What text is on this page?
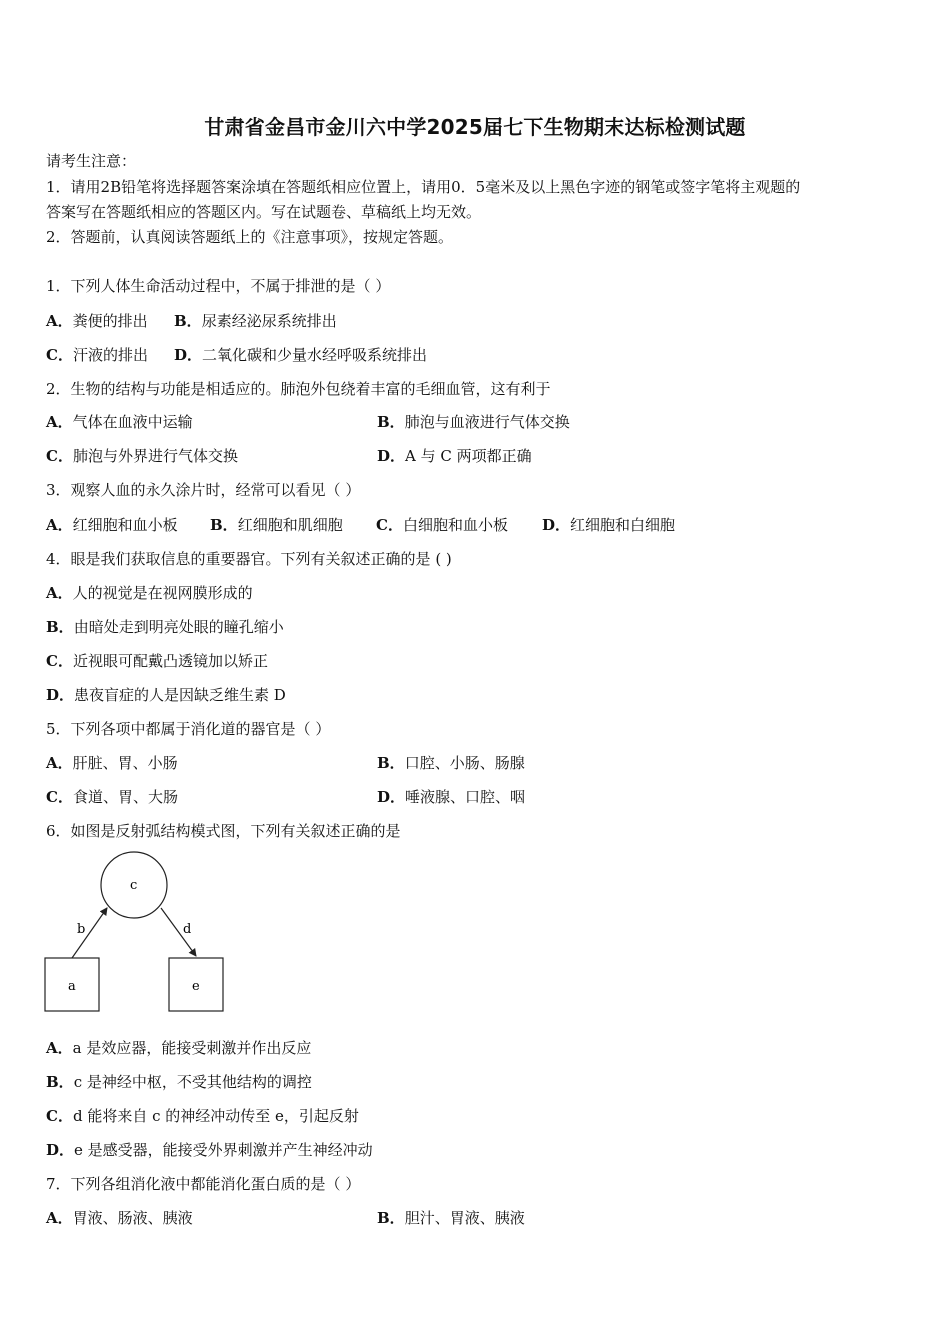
甘肃省金昌市金川六中学2025届七下生物期末达标检测试题
请考生注意：
1．请用2B铅笔将选择题答案涂填在答题纸相应位置上，请用0．5毫米及以上黑色字迹的钢笔或签字笔将主观题的
答案写在答题纸相应的答题区内。写在试题卷、草稿纸上均无效。
2．答题前，认真阅读答题纸上的《注意事项》，按规定答题。
1．下列人体生命活动过程中，不属于排泄的是（ ）
A．粪便的排出 B．尿素经泌尿系统排出
C．汗液的排出 D．二氧化碳和少量水经呼吸系统排出
2．生物的结构与功能是相适应的。肺泡外包绕着丰富的毛细血管，这有利于
A．气体在血液中运输	B．肺泡与血液进行气体交换
C．肺泡与外界进行气体交换	D．A 与 C 两项都正确
3．观察人血的永久涂片时，经常可以看见（ ）
A．红细胞和血小板 B．红细胞和肌细胞 C．白细胞和血小板 D．红细胞和白细胞
4．眼是我们获取信息的重要器官。下列有关叙述正确的是 ( )
A．人的视觉是在视网膜形成的
B．由暗处走到明亮处眼的瞳孔缩小
C．近视眼可配戴凸透镜加以矫正
D．患夜盲症的人是因缺乏维生素 D
5．下列各项中都属于消化道的器官是（ ）
A．肝脏、胃、小肠	B．口腔、小肠、肠腺
C．食道、胃、大肠	D．唾液腺、口腔、咽
6．如图是反射弧结构模式图，下列有关叙述正确的是
c
a	e
b	d
A．a 是效应器，能接受刺激并作出反应
B．c 是神经中枢，不受其他结构的调控
C．d 能将来自 c 的神经冲动传至 e，引起反射
D．e 是感受器，能接受外界刺激并产生神经冲动
7．下列各组消化液中都能消化蛋白质的是（ ）
A．胃液、肠液、胰液	B．胆汁、胃液、胰液
